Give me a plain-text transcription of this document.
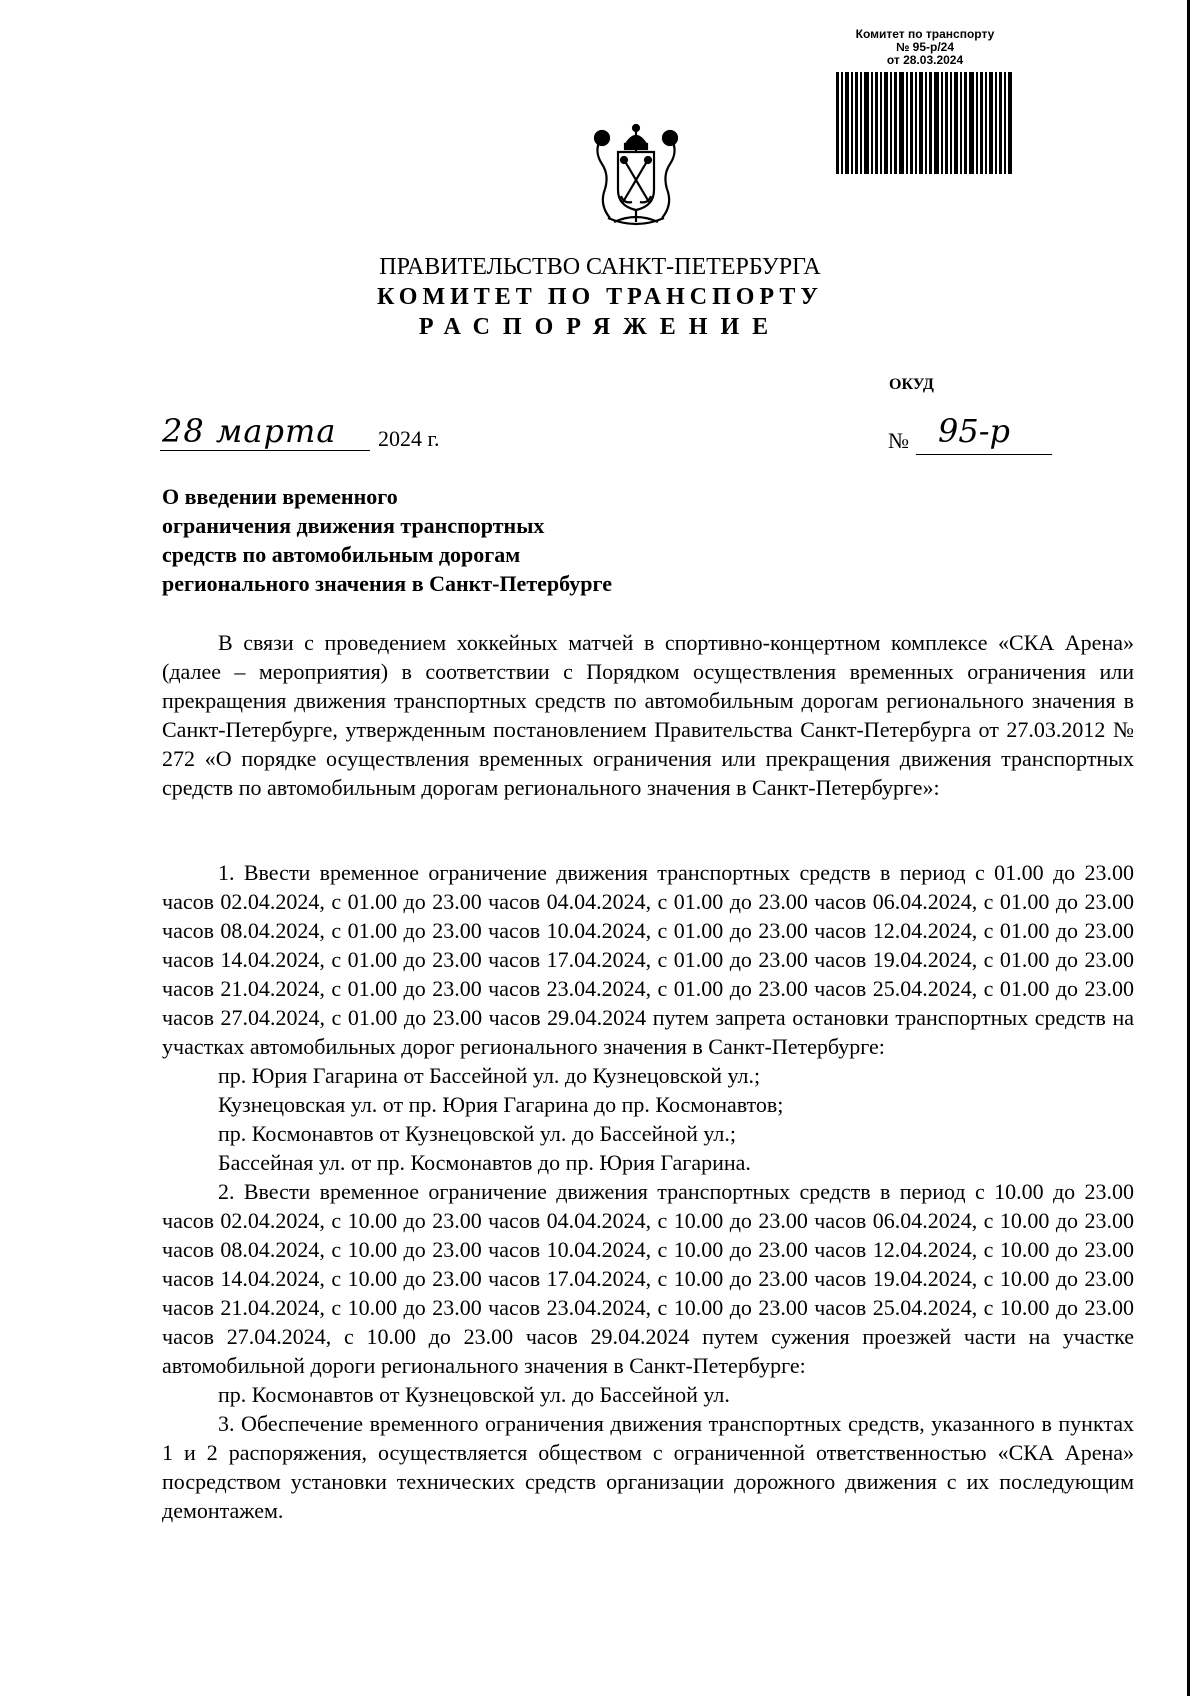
Комитет по транспорту
№ 95-р/24
от 28.03.2024
ПРАВИТЕЛЬСТВО САНКТ-ПЕТЕРБУРГА
КОМИТЕТ ПО ТРАНСПОРТУ
РАСПОРЯЖЕНИЕ
ОКУД
28 марта 2024 г.	№ 95-р
О введении временного
ограничения движения транспортных
средств по автомобильным дорогам
регионального значения в Санкт-Петербурге

В связи с проведением хоккейных матчей в спортивно-концертном комплексе «СКА Арена» (далее – мероприятия) в соответствии с Порядком осуществления временных ограничения или прекращения движения транспортных средств по автомобильным дорогам регионального значения в Санкт-Петербурге, утвержденным постановлением Правительства Санкт-Петербурга от 27.03.2012 № 272 «О порядке осуществления временных ограничения или прекращения движения транспортных средств по автомобильным дорогам регионального значения в Санкт-Петербурге»:

1. Ввести временное ограничение движения транспортных средств в период с 01.00 до 23.00 часов 02.04.2024, с 01.00 до 23.00 часов 04.04.2024, с 01.00 до 23.00 часов 06.04.2024, с 01.00 до 23.00 часов 08.04.2024, с 01.00 до 23.00 часов 10.04.2024, с 01.00 до 23.00 часов 12.04.2024, с 01.00 до 23.00 часов 14.04.2024, с 01.00 до 23.00 часов 17.04.2024, с 01.00 до 23.00 часов 19.04.2024, с 01.00 до 23.00 часов 21.04.2024, с 01.00 до 23.00 часов 23.04.2024, с 01.00 до 23.00 часов 25.04.2024, с 01.00 до 23.00 часов 27.04.2024, с 01.00 до 23.00 часов 29.04.2024 путем запрета остановки транспортных средств на участках автомобильных дорог регионального значения в Санкт-Петербурге:

пр. Юрия Гагарина от Бассейной ул. до Кузнецовской ул.;

Кузнецовская ул. от пр. Юрия Гагарина до пр. Космонавтов;

пр. Космонавтов от Кузнецовской ул. до Бассейной ул.;

Бассейная ул. от пр. Космонавтов до пр. Юрия Гагарина.

2. Ввести временное ограничение движения транспортных средств в период с 10.00 до 23.00 часов 02.04.2024, с 10.00 до 23.00 часов 04.04.2024, с 10.00 до 23.00 часов 06.04.2024, с 10.00 до 23.00 часов 08.04.2024, с 10.00 до 23.00 часов 10.04.2024, с 10.00 до 23.00 часов 12.04.2024, с 10.00 до 23.00 часов 14.04.2024, с 10.00 до 23.00 часов 17.04.2024, с 10.00 до 23.00 часов 19.04.2024, с 10.00 до 23.00 часов 21.04.2024, с 10.00 до 23.00 часов 23.04.2024, с 10.00 до 23.00 часов 25.04.2024, с 10.00 до 23.00 часов 27.04.2024, с 10.00 до 23.00 часов 29.04.2024 путем сужения проезжей части на участке автомобильной дороги регионального значения в Санкт-Петербурге:

пр. Космонавтов от Кузнецовской ул. до Бассейной ул.

3. Обеспечение временного ограничения движения транспортных средств, указанного в пунктах 1 и 2 распоряжения, осуществляется обществом с ограниченной ответственностью «СКА Арена» посредством установки технических средств организации дорожного движения с их последующим демонтажем.
